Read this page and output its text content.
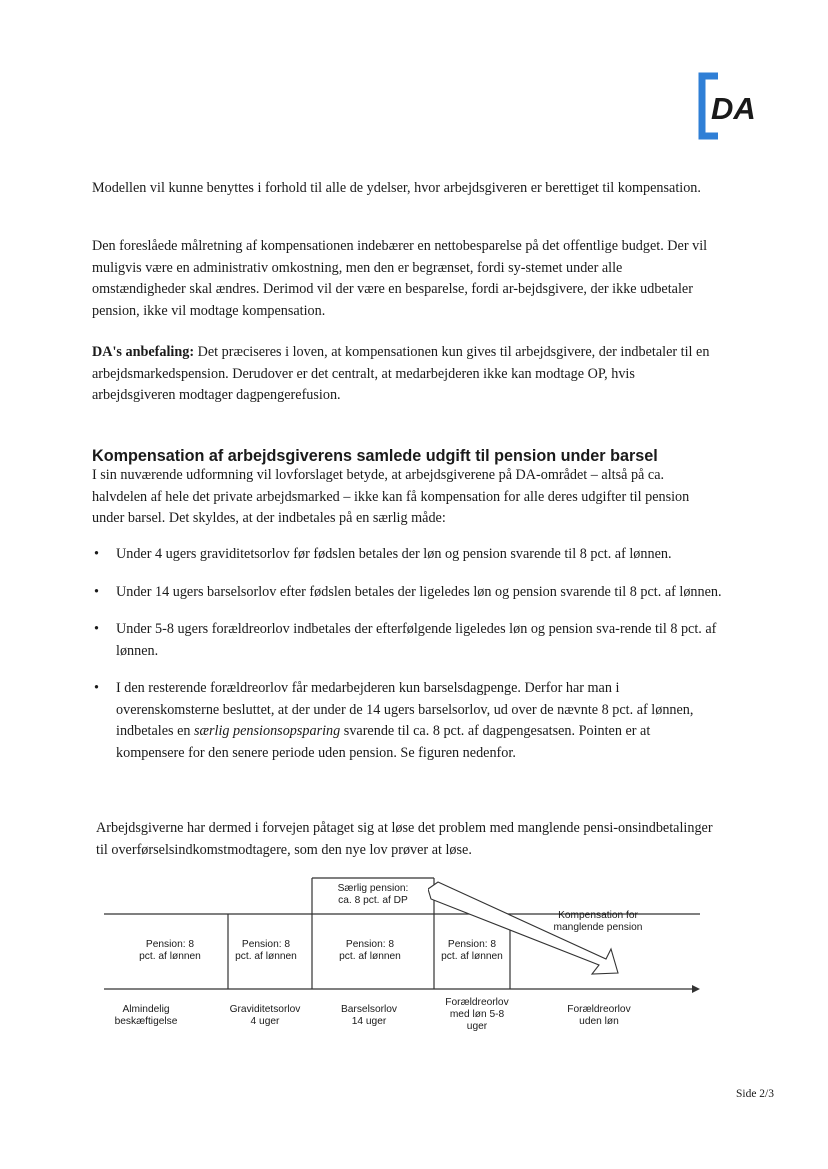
DA

Modellen vil kunne benyttes i forhold til alle de ydelser, hvor arbejdsgiveren er berettiget til kompensation.

Den foreslåede målretning af kompensationen indebærer en nettobesparelse på det offentlige budget. Der vil muligvis være en administrativ omkostning, men den er begrænset, fordi sy-stemet under alle omstændigheder skal ændres. Derimod vil der være en besparelse, fordi ar-bejdsgivere, der ikke udbetaler pension, ikke vil modtage kompensation.

DA's anbefaling: Det præciseres i loven, at kompensationen kun gives til arbejdsgivere, der indbetaler til en arbejdsmarkedspension. Derudover er det centralt, at medarbejderen ikke kan modtage OP, hvis arbejdsgiveren modtager dagpengerefusion.

Kompensation af arbejdsgiverens samlede udgift til pension under barsel

I sin nuværende udformning vil lovforslaget betyde, at arbejdsgiverene på DA-området – altså på ca. halvdelen af hele det private arbejdsmarked – ikke kan få kompensation for alle deres udgifter til pension under barsel. Det skyldes, at der indbetales på en særlig måde:

• Under 4 ugers graviditetsorlov før fødslen betales der løn og pension svarende til 8 pct. af lønnen.
• Under 14 ugers barselsorlov efter fødslen betales der ligeledes løn og pension svarende til 8 pct. af lønnen.
• Under 5-8 ugers forældreorlov indbetales der efterfølgende ligeledes løn og pension sva-rende til 8 pct. af lønnen.
• I den resterende forældreorlov får medarbejderen kun barselsdagpenge. Derfor har man i overenskomsterne besluttet, at der under de 14 ugers barselsorlov, ud over de nævnte 8 pct. af lønnen, indbetales en særlig pensionsopsparing svarende til ca. 8 pct. af dagpengesatsen. Pointen er at kompensere for den senere periode uden pension. Se figuren nedenfor.

Arbejdsgiverne har dermed i forvejen påtaget sig at løse det problem med manglende pensi-onsindbetalinger til overførselsindkomstmodtagere, som den nye lov prøver at løse.

Pension: 8
pct. af lønnen
Pension: 8
pct. af lønnen
Pension: 8
pct. af lønnen
Pension: 8
pct. af lønnen
Særlig pension:
ca. 8 pct. af DP
Kompensation for
manglende pension
Almindelig
beskæftigelse
Graviditetsorlov
4 uger
Barselsorlov
14 uger
Forældreorlov
med løn 5-8
uger
Forældreorlov
uden løn
Side 2/3
